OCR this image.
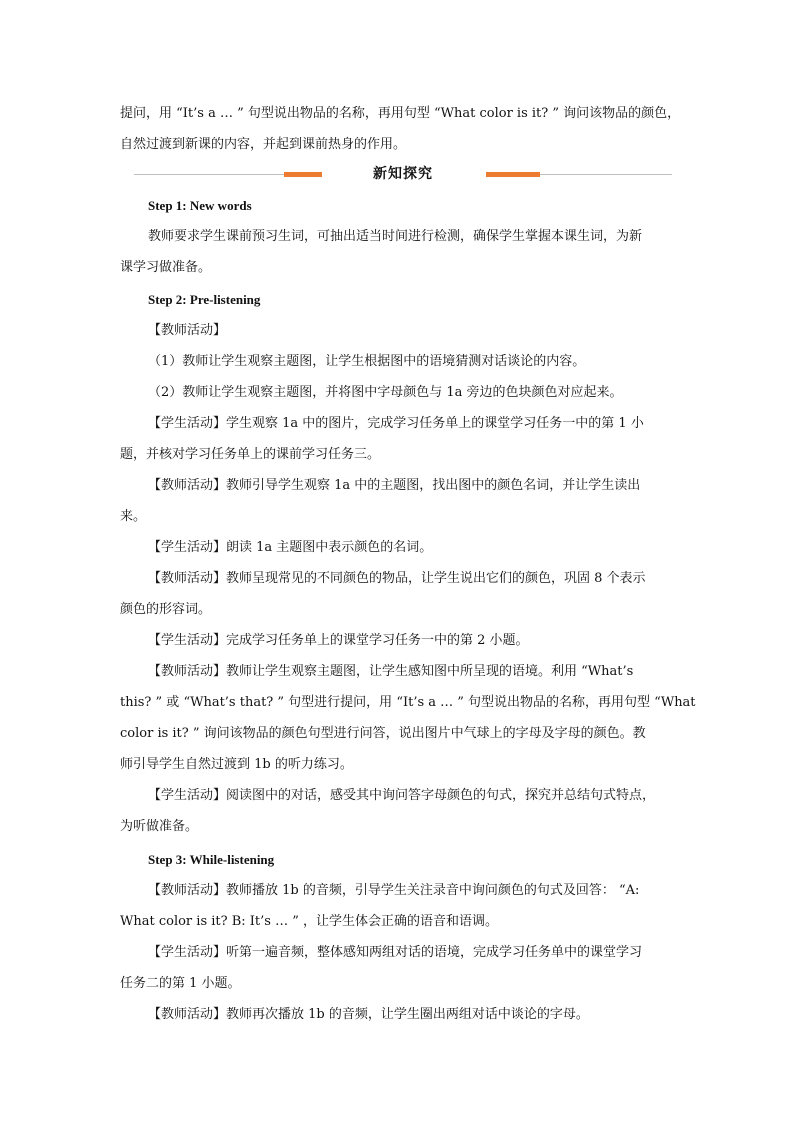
提问，用 “It’s a … ” 句型说出物品的名称，再用句型 “What color is it? ” 询问该物品的颜色，
自然过渡到新课的内容，并起到课前热身的作用。
新知探究
Step 1: New words
教师要求学生课前预习生词，可抽出适当时间进行检测，确保学生掌握本课生词，为新
课学习做准备。
Step 2: Pre-listening
【教师活动】
（1）教师让学生观察主题图，让学生根据图中的语境猜测对话谈论的内容。
（2）教师让学生观察主题图，并将图中字母颜色与 1a 旁边的色块颜色对应起来。
【学生活动】学生观察 1a 中的图片，完成学习任务单上的课堂学习任务一中的第 1 小
题，并核对学习任务单上的课前学习任务三。
【教师活动】教师引导学生观察 1a 中的主题图，找出图中的颜色名词，并让学生读出
来。
【学生活动】朗读 1a 主题图中表示颜色的名词。
【教师活动】教师呈现常见的不同颜色的物品，让学生说出它们的颜色，巩固 8 个表示
颜色的形容词。
【学生活动】完成学习任务单上的课堂学习任务一中的第 2 小题。
【教师活动】教师让学生观察主题图，让学生感知图中所呈现的语境。利用 “What’s
this? ” 或 “What’s that? ” 句型进行提问，用 “It’s a … ” 句型说出物品的名称，再用句型 “What
color is it? ” 询问该物品的颜色句型进行问答，说出图片中气球上的字母及字母的颜色。教
师引导学生自然过渡到 1b 的听力练习。
【学生活动】阅读图中的对话，感受其中询问答字母颜色的句式，探究并总结句式特点，
为听做准备。
Step 3: While-listening
【教师活动】教师播放 1b 的音频，引导学生关注录音中询问颜色的句式及回答： “A:
What color is it? B: It’s … ” ，让学生体会正确的语音和语调。
【学生活动】听第一遍音频，整体感知两组对话的语境，完成学习任务单中的课堂学习
任务二的第 1 小题。
【教师活动】教师再次播放 1b 的音频，让学生圈出两组对话中谈论的字母。
